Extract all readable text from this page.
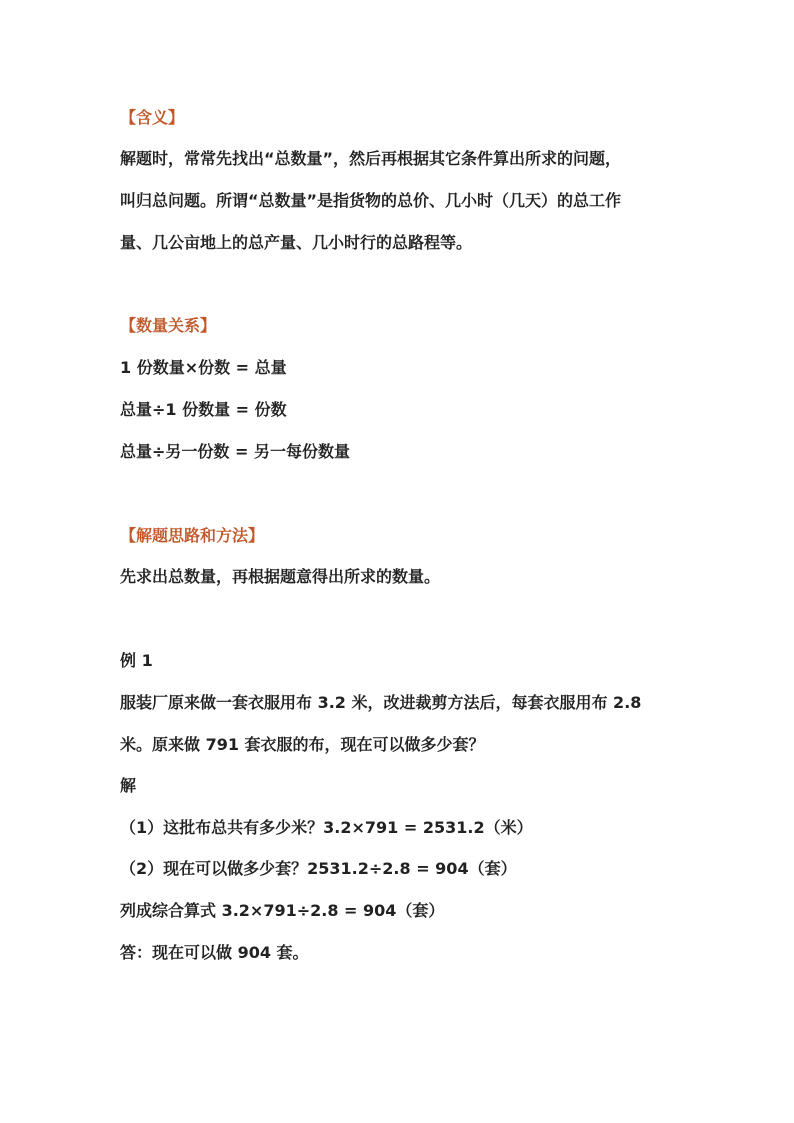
【含义】
解题时，常常先找出“总数量”，然后再根据其它条件算出所求的问题，
叫归总问题。所谓“总数量”是指货物的总价、几小时（几天）的总工作
量、几公亩地上的总产量、几小时行的总路程等。
【数量关系】
1 份数量×份数 = 总量
总量÷1 份数量 = 份数
总量÷另一份数 = 另一每份数量
【解题思路和方法】
先求出总数量，再根据题意得出所求的数量。
例 1
服装厂原来做一套衣服用布 3.2 米，改进裁剪方法后，每套衣服用布 2.8
米。原来做 791 套衣服的布，现在可以做多少套？
解
（1）这批布总共有多少米？3.2×791 = 2531.2（米）
（2）现在可以做多少套？2531.2÷2.8 = 904（套）
列成综合算式 3.2×791÷2.8 = 904（套）
答：现在可以做 904 套。
